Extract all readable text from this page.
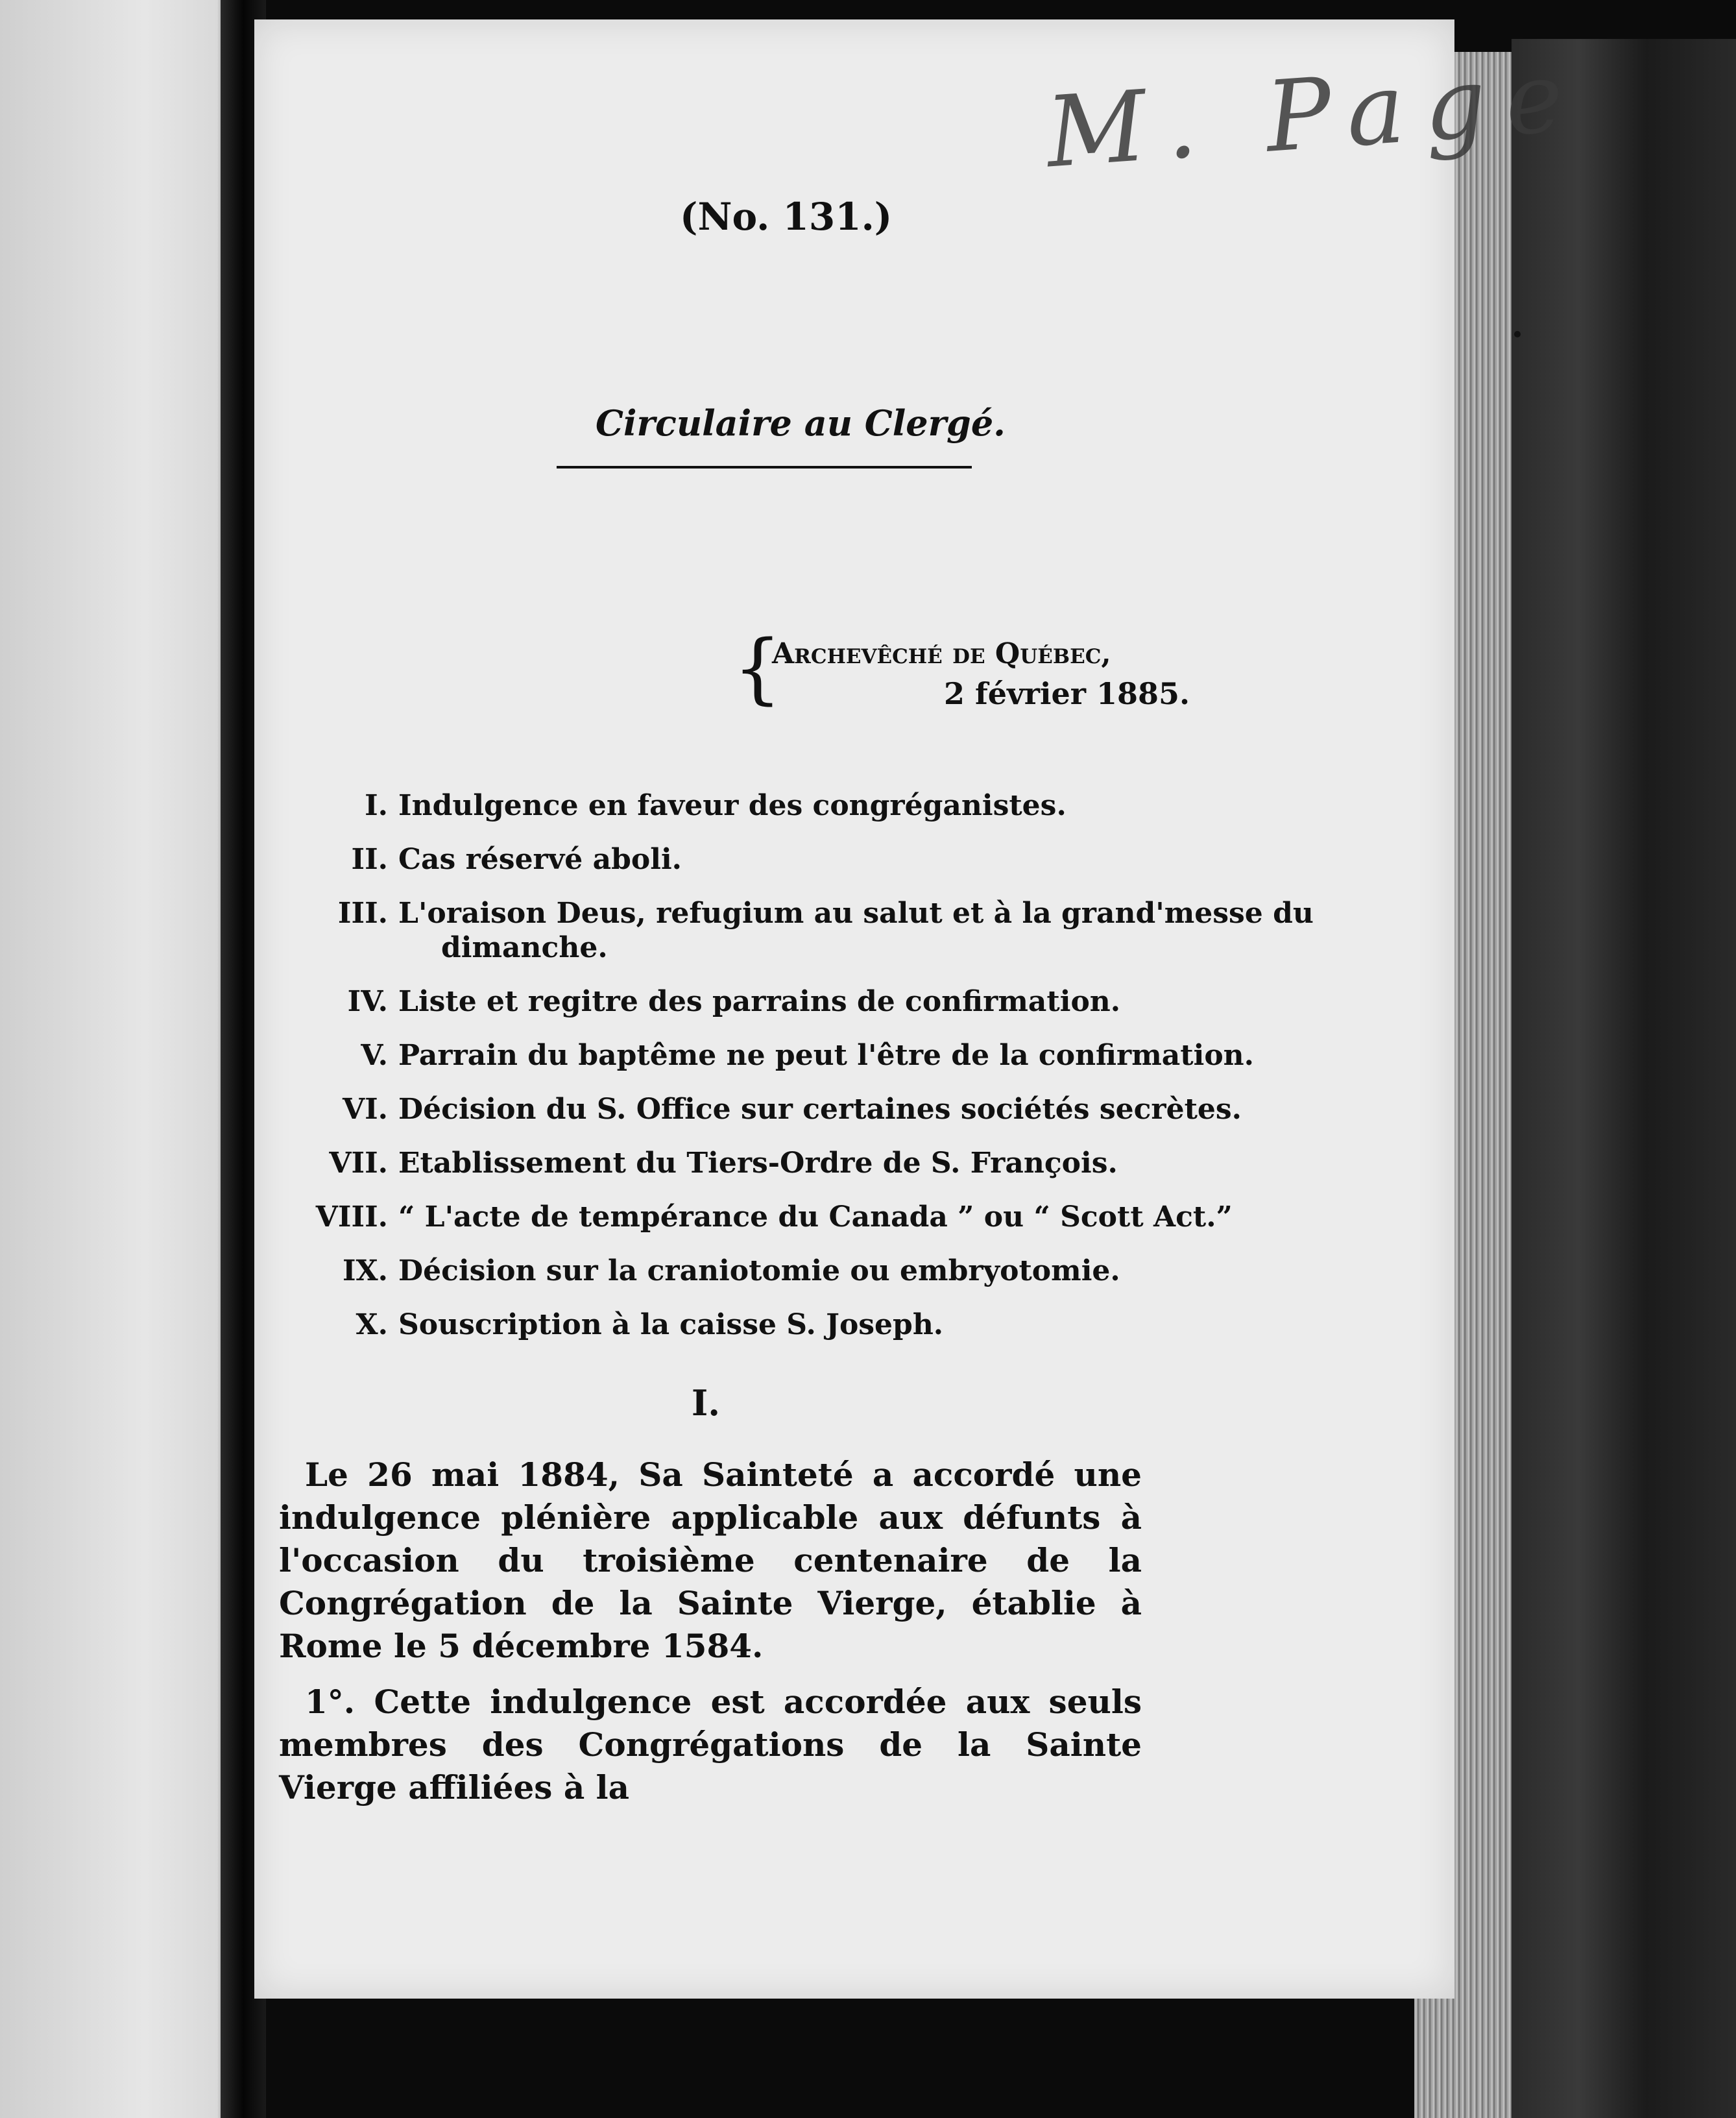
M. Page
(No. 131.)
Circulaire au Clergé.
{
Archevêché de Québec,
2 février 1885.
I. Indulgence en faveur des congréganistes.
II. Cas réservé aboli.
III. L'oraison Deus, refugium au salut et à la grand'messe du
dimanche.
IV. Liste et regitre des parrains de confirmation.
V. Parrain du baptême ne peut l'être de la confirmation.
VI. Décision du S. Office sur certaines sociétés secrètes.
VII. Etablissement du Tiers-Ordre de S. François.
VIII. “ L'acte de tempérance du Canada ” ou “ Scott Act.”
IX. Décision sur la craniotomie ou embryotomie.
X. Souscription à la caisse S. Joseph.
I.

Le 26 mai 1884, Sa Sainteté a accordé une indulgence plénière applicable aux défunts à l'occasion du troisième centenaire de la Congrégation de la Sainte Vierge, établie à Rome le 5 décembre 1584.

1°. Cette indulgence est accordée aux seuls membres des Congrégations de la Sainte Vierge affiliées à la
